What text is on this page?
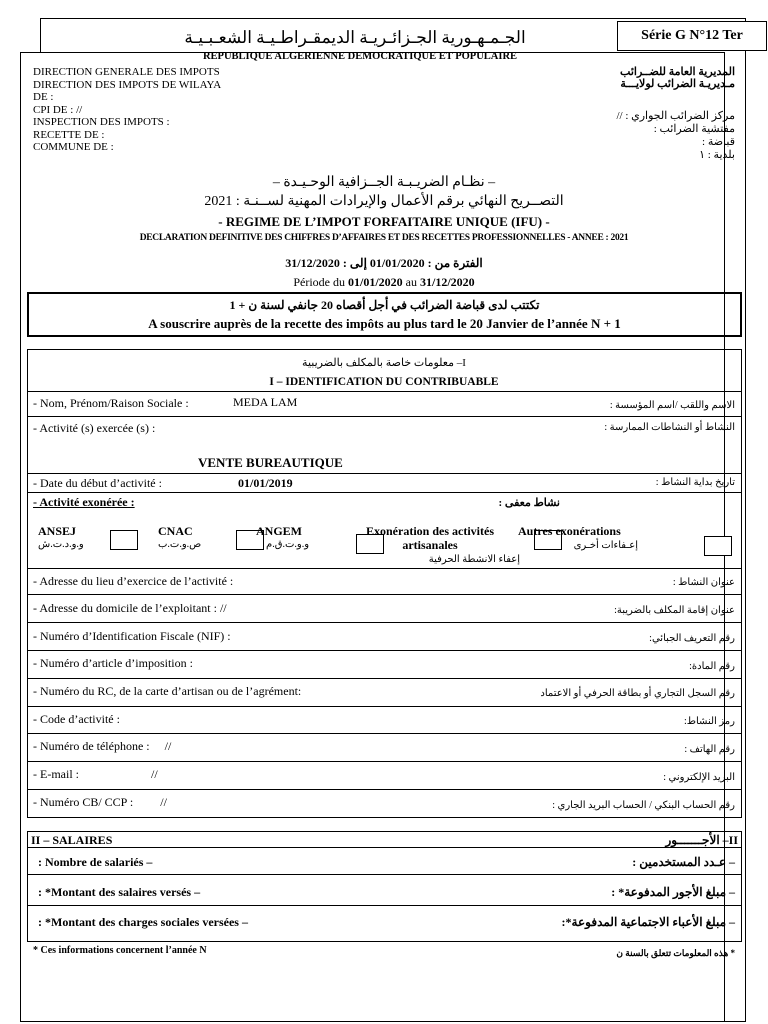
الجـمـهـورية الجـزائـريـة الديمقـراطـيـة الشعـبـيـة	Série G N°12 Ter
REPUBLIQUE ALGERIENNE DEMOCRATIQUE ET POPULAIRE
DIRECTION GENERALE DES IMPOTS
DIRECTION DES IMPOTS DE WILAYA
DE :
CPI DE : //
INSPECTION DES IMPOTS :
RECETTE DE :
COMMUNE DE :
المديرية العامة للضــرائب
مـديريـة الضرائب لولايـــة
مركز الضرائب الجواري : //
مفتشية الضرائب :
قباضة :
بلدية : ١
– نظـام الضريـبـة الجــزافية الوحـيـدة –
التصــريح النهائي برقم الأعمال والإيرادات المهنية لســنـة : 2021
- REGIME DE L’IMPOT FORFAITAIRE UNIQUE (IFU) -
DECLARATION DEFINITIVE DES CHIFFRES D’AFFAIRES ET DES RECETTES PROFESSIONNELLES - ANNEE : 2021
الفترة من : 01/01/2020 إلى : 31/12/2020
Période du 01/01/2020 au 31/12/2020
تكتتب لدى قباضة الضرائب في أجل أقصاه 20 جانفي لسنة ن + 1
A souscrire auprès de la recette des impôts au plus tard le 20 Janvier de l’année N + 1
I– معلومات خاصة بالمكلف بالضريبية
I – IDENTIFICATION DU CONTRIBUABLE
- Nom, Prénom/Raison Sociale :	MEDA LAM	الاسم واللقب /اسم المؤسسة :
- Activité (s) exercée (s) :	النشاط أو النشاطات الممارسة :
VENTE BUREAUTIQUE
- Date du début d’activité :	01/01/2019	تاريخ بداية النشاط :
- Activité exonérée :	نشاط معفى :
ANSEJ
و.و.د.ت.ش
CNAC
ص.و.ت.ب
ANGEM
و.و.ت.ق.م
Exonération des activités artisanales
إعفاء الانشطة الحرفية
Autres exonérations
إعـفاءات أخـرى
- Adresse du lieu d’exercice de l’activité :	عنوان النشاط :
- Adresse du domicile de l’exploitant : //	عنوان إقامة المكلف بالضريبة:
- Numéro d’Identification Fiscale (NIF) :	رقم التعريف الجبائي:
- Numéro d’article d’imposition :	رقم المادة:
- Numéro du RC, de la carte d’artisan ou de l’agrément:	رقم السجل التجاري أو بطاقة الحرفي أو الاعتماد
- Code d’activité :	رمز النشاط:
- Numéro de téléphone :     //	رقم الهاتف :
- E-mail :                        //	البريد الإلكتروني :
- Numéro CB/ CCP :         //	رقم الحساب البنكي / الحساب البريد الجاري :
II – SALAIRES	II– الأجـــــــور
: Nombre de salariés –	– عـدد المستخدمين :
: *Montant des salaires versés –	– مبلغ الأجور المدفوعة* :
: *Montant des charges sociales versées –	– مبلغ الأعباء الاجتماعية المدفوعة*:
* Ces informations concernent l’année N	* هذه المعلومات تتعلق بالسنة ن
